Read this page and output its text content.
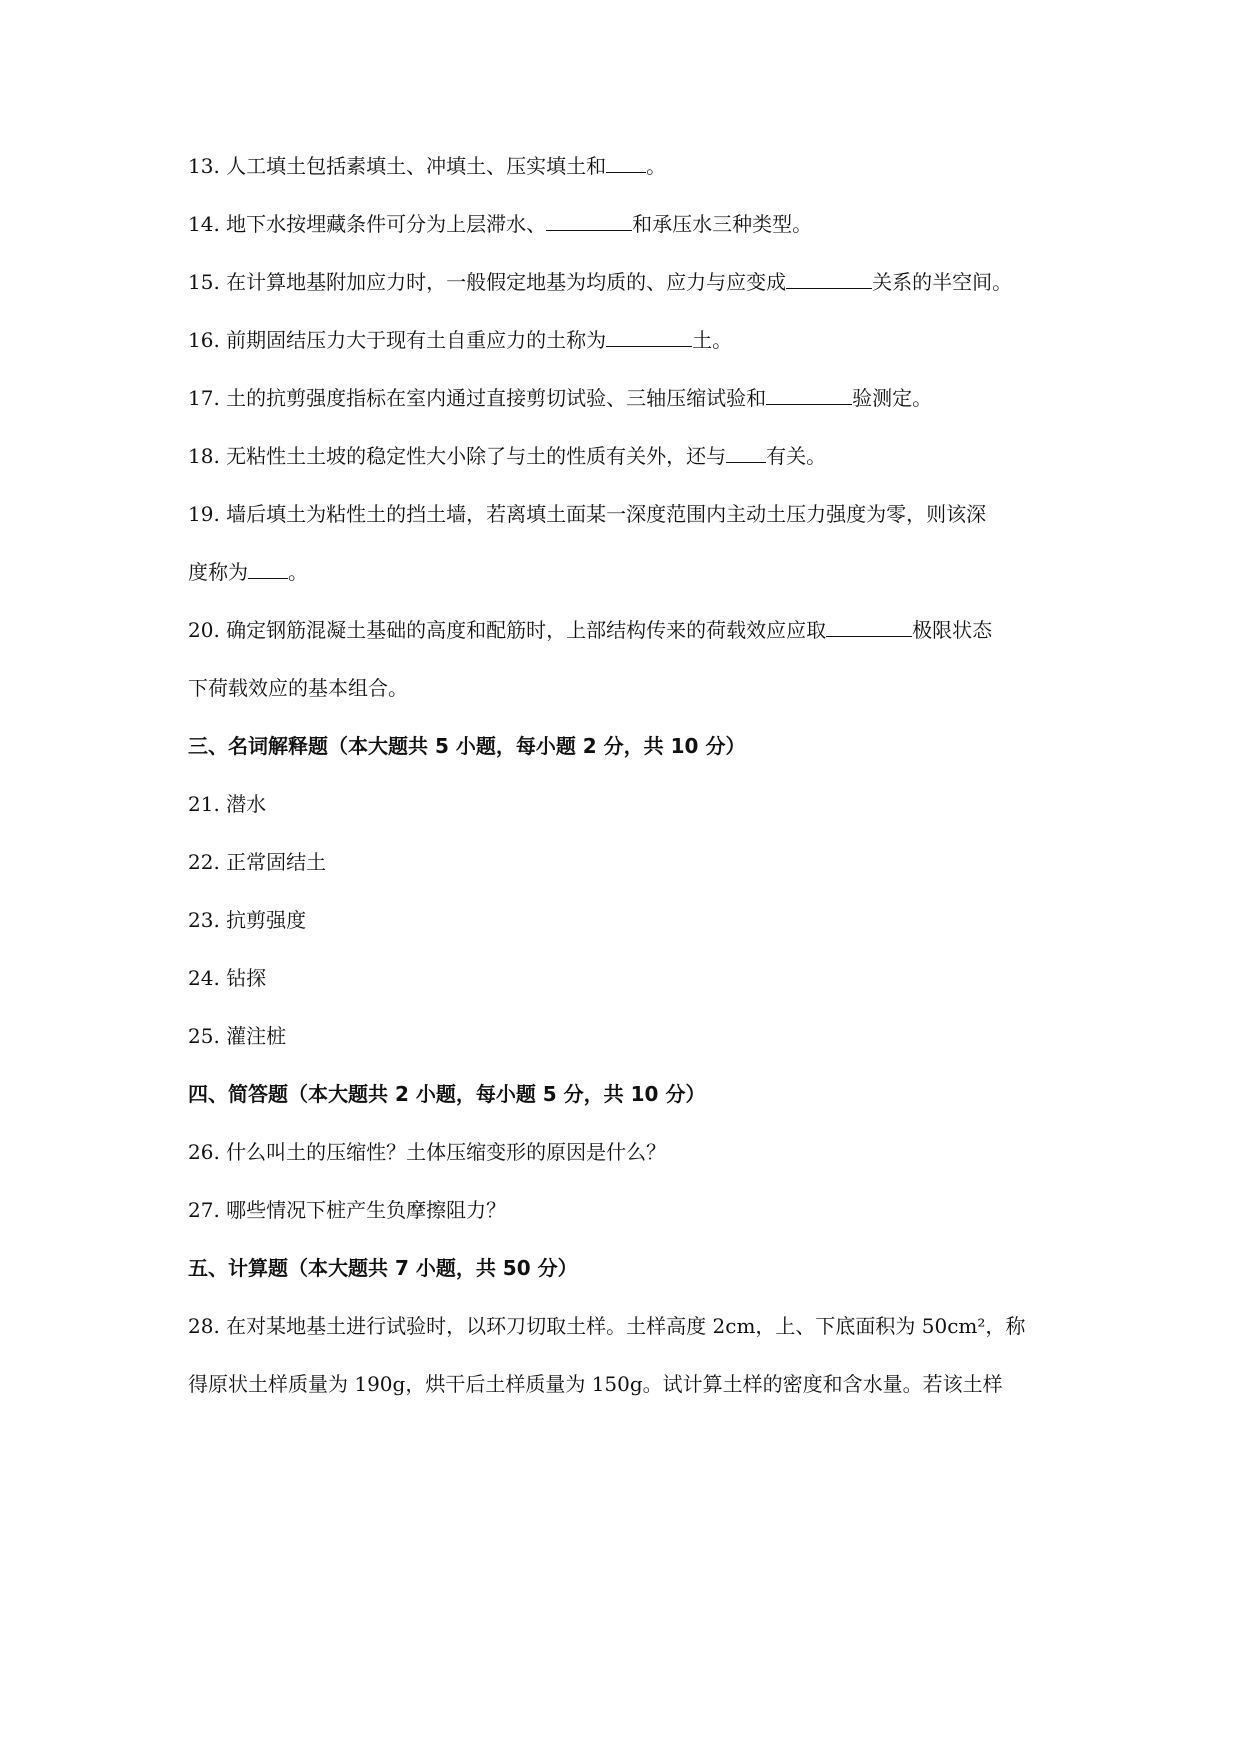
13. 人工填土包括素填土、冲填土、压实填土和 。
14. 地下水按埋藏条件可分为上层滞水、	和承压水三种类型。
15. 在计算地基附加应力时，一般假定地基为均质的、应力与应变成	关系的半空间。
16. 前期固结压力大于现有土自重应力的土称为	土。
17. 土的抗剪强度指标在室内通过直接剪切试验、三轴压缩试验和	验测定。
18. 无粘性土土坡的稳定性大小除了与土的性质有关外，还与 有关。
19. 墙后填土为粘性土的挡土墙，若离填土面某一深度范围内主动土压力强度为零，则该深
度称为 。
20. 确定钢筋混凝土基础的高度和配筋时，上部结构传来的荷载效应应取	极限状态
下荷载效应的基本组合。
三、名词解释题（本大题共 5 小题，每小题 2 分，共 10 分）
21. 潜水
22. 正常固结土
23. 抗剪强度
24. 钻探
25. 灌注桩
四、简答题（本大题共 2 小题，每小题 5 分，共 10 分）
26. 什么叫土的压缩性？土体压缩变形的原因是什么？
27. 哪些情况下桩产生负摩擦阻力？
五、计算题（本大题共 7 小题，共 50 分）
28. 在对某地基土进行试验时，以环刀切取土样。土样高度 2cm，上、下底面积为 50cm²，称
得原状土样质量为 190g，烘干后土样质量为 150g。试计算土样的密度和含水量。若该土样
